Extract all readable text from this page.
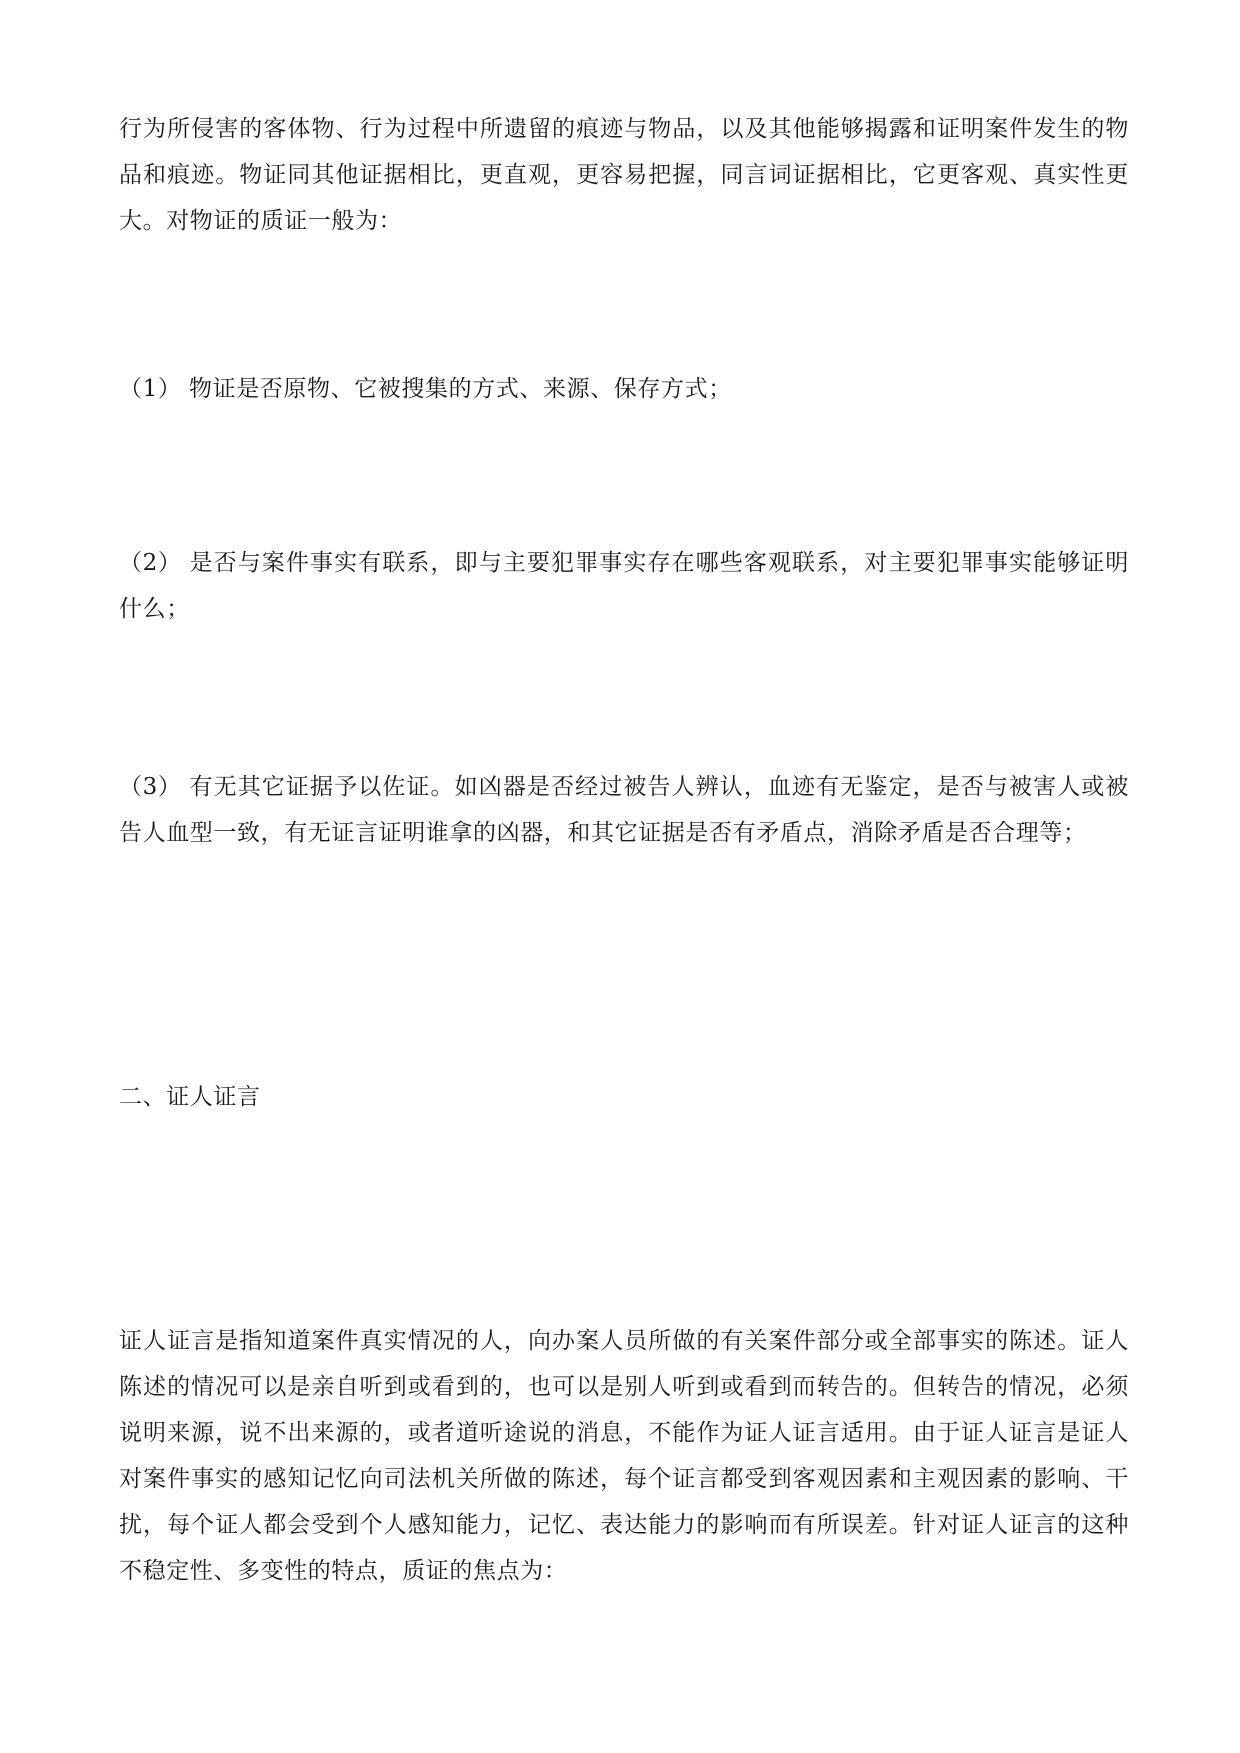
行为所侵害的客体物、行为过程中所遗留的痕迹与物品，以及其他能够揭露和证明案件发生的物品和痕迹。物证同其他证据相比，更直观，更容易把握，同言词证据相比，它更客观、真实性更大。对物证的质证一般为：

（1） 物证是否原物、它被搜集的方式、来源、保存方式；

（2） 是否与案件事实有联系，即与主要犯罪事实存在哪些客观联系，对主要犯罪事实能够证明什么；

（3） 有无其它证据予以佐证。如凶器是否经过被告人辨认，血迹有无鉴定，是否与被害人或被告人血型一致，有无证言证明谁拿的凶器，和其它证据是否有矛盾点，消除矛盾是否合理等；

二、证人证言

证人证言是指知道案件真实情况的人，向办案人员所做的有关案件部分或全部事实的陈述。证人陈述的情况可以是亲自听到或看到的，也可以是别人听到或看到而转告的。但转告的情况，必须说明来源，说不出来源的，或者道听途说的消息，不能作为证人证言适用。由于证人证言是证人对案件事实的感知记忆向司法机关所做的陈述，每个证言都受到客观因素和主观因素的影响、干扰，每个证人都会受到个人感知能力，记忆、表达能力的影响而有所误差。针对证人证言的这种不稳定性、多变性的特点，质证的焦点为：
